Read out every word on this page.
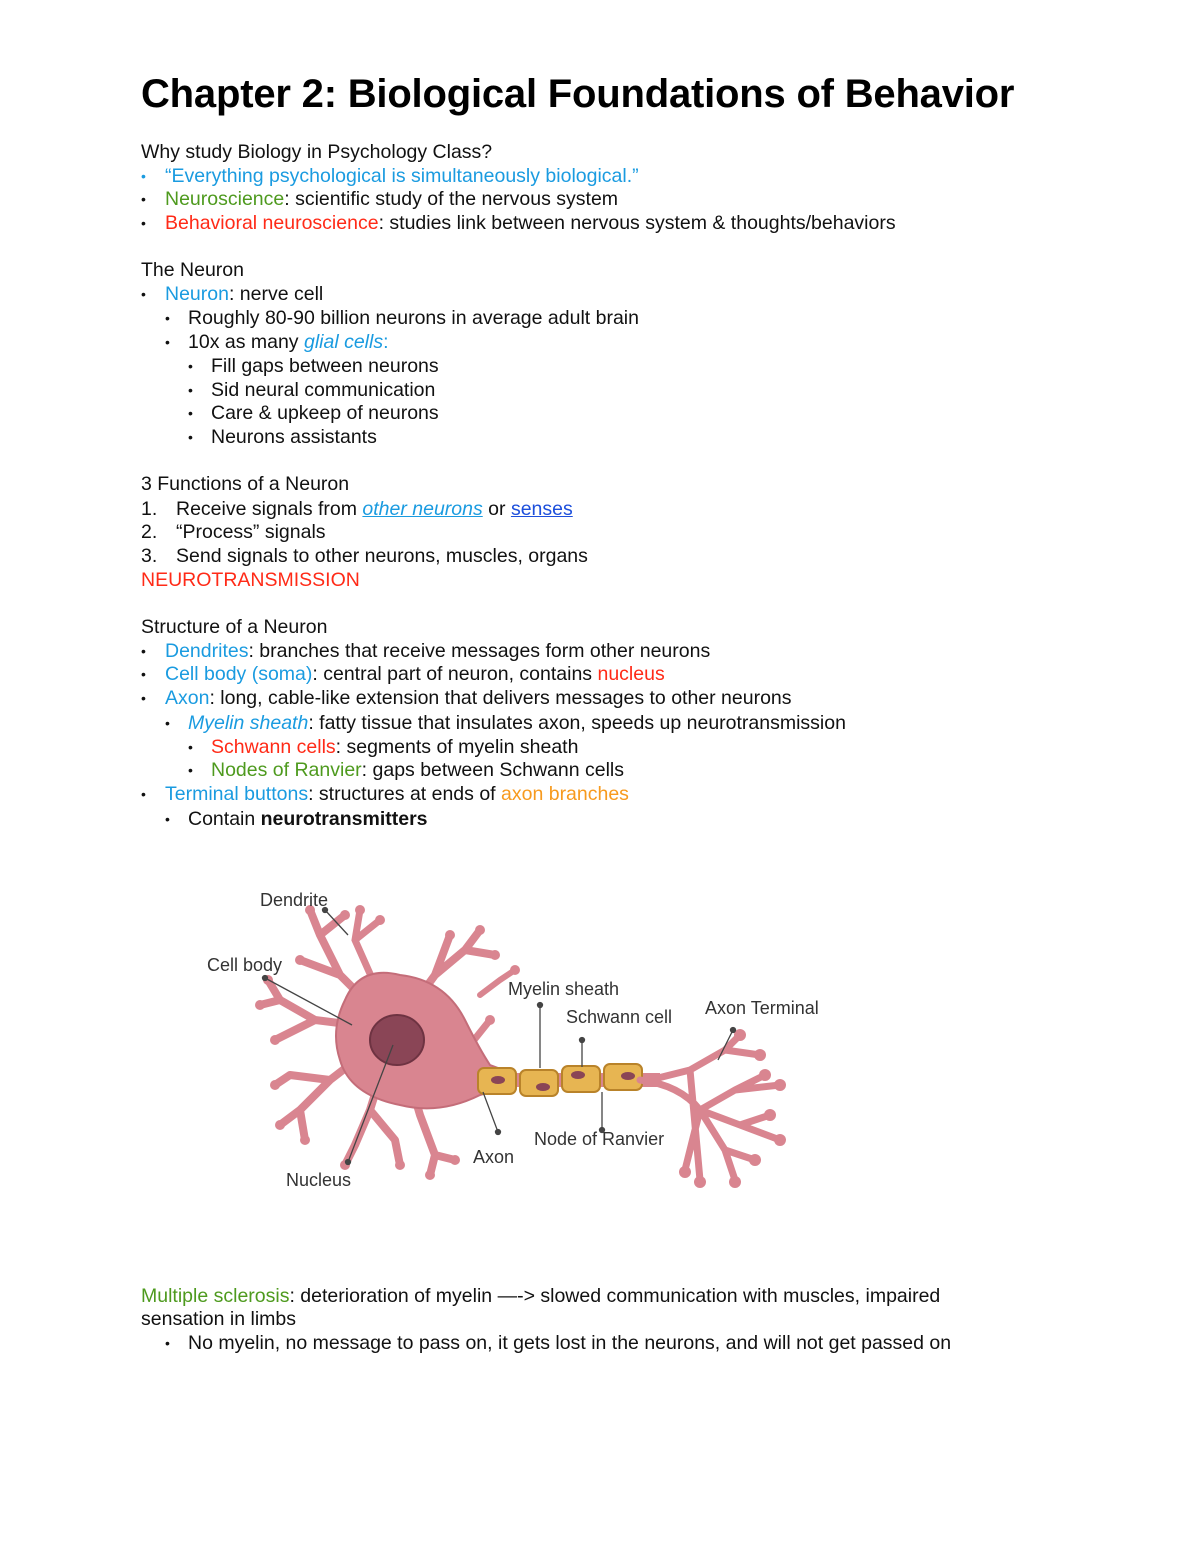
Chapter 2: Biological Foundations of Behavior
Why study Biology in Psychology Class?
• “Everything psychological is simultaneously biological.”
• Neuroscience: scientific study of the nervous system
• Behavioral neuroscience: studies link between nervous system & thoughts/behaviors
The Neuron
• Neuron: nerve cell
• Roughly 80-90 billion neurons in average adult brain
• 10x as many glial cells:
• Fill gaps between neurons
• Sid neural communication
• Care & upkeep of neurons
• Neurons assistants
3 Functions of a Neuron
1. Receive signals from other neurons or senses
2. “Process” signals
3. Send signals to other neurons, muscles, organs
NEUROTRANSMISSION
Structure of a Neuron
• Dendrites: branches that receive messages form other neurons
• Cell body (soma): central part of neuron, contains nucleus
• Axon: long, cable-like extension that delivers messages to other neurons
• Myelin sheath: fatty tissue that insulates axon, speeds up neurotransmission
• Schwann cells: segments of myelin sheath
• Nodes of Ranvier: gaps between Schwann cells
• Terminal buttons: structures at ends of axon branches
• Contain neurotransmitters
Dendrite
Cell body
Myelin sheath
Schwann cell Axon Terminal
Node of Ranvier
Axon
Nucleus
Multiple sclerosis: deterioration of myelin —-> slowed communication with muscles, impaired
sensation in limbs
• No myelin, no message to pass on, it gets lost in the neurons, and will not get passed on
